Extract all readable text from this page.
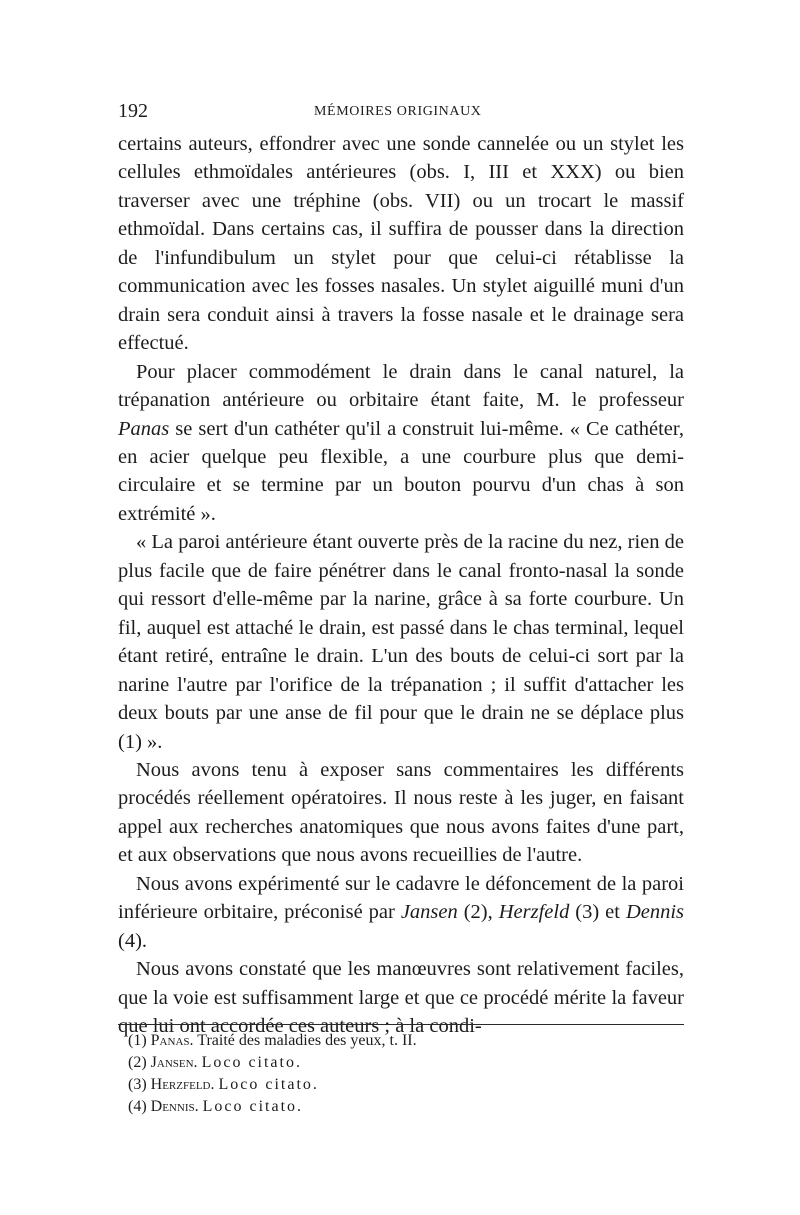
192	MÉMOIRES ORIGINAUX

certains auteurs, effondrer avec une sonde cannelée ou un stylet les cellules ethmoïdales antérieures (obs. I, III et XXX) ou bien traverser avec une tréphine (obs. VII) ou un trocart le massif ethmoïdal. Dans certains cas, il suffira de pousser dans la direction de l'infundibulum un stylet pour que celui-ci rétablisse la communication avec les fosses nasales. Un stylet aiguillé muni d'un drain sera conduit ainsi à travers la fosse nasale et le drainage sera effectué.

Pour placer commodément le drain dans le canal naturel, la trépanation antérieure ou orbitaire étant faite, M. le professeur Panas se sert d'un cathéter qu'il a construit lui-même. « Ce cathéter, en acier quelque peu flexible, a une courbure plus que demi-circulaire et se termine par un bouton pourvu d'un chas à son extrémité ».

« La paroi antérieure étant ouverte près de la racine du nez, rien de plus facile que de faire pénétrer dans le canal fronto-nasal la sonde qui ressort d'elle-même par la narine, grâce à sa forte courbure. Un fil, auquel est attaché le drain, est passé dans le chas terminal, lequel étant retiré, entraîne le drain. L'un des bouts de celui-ci sort par la narine l'autre par l'orifice de la trépanation ; il suffit d'attacher les deux bouts par une anse de fil pour que le drain ne se déplace plus (1) ».

Nous avons tenu à exposer sans commentaires les différents procédés réellement opératoires. Il nous reste à les juger, en faisant appel aux recherches anatomiques que nous avons faites d'une part, et aux observations que nous avons recueillies de l'autre.

Nous avons expérimenté sur le cadavre le défoncement de la paroi inférieure orbitaire, préconisé par Jansen (2), Herzfeld (3) et Dennis (4).

Nous avons constaté que les manœuvres sont relativement faciles, que la voie est suffisamment large et que ce procédé mérite la faveur que lui ont accordée ces auteurs ; à la condi-

(1) Panas. Traité des maladies des yeux, t. II.
(2) Jansen. Loco citato.
(3) Herzfeld. Loco citato.
(4) Dennis. Loco citato.
